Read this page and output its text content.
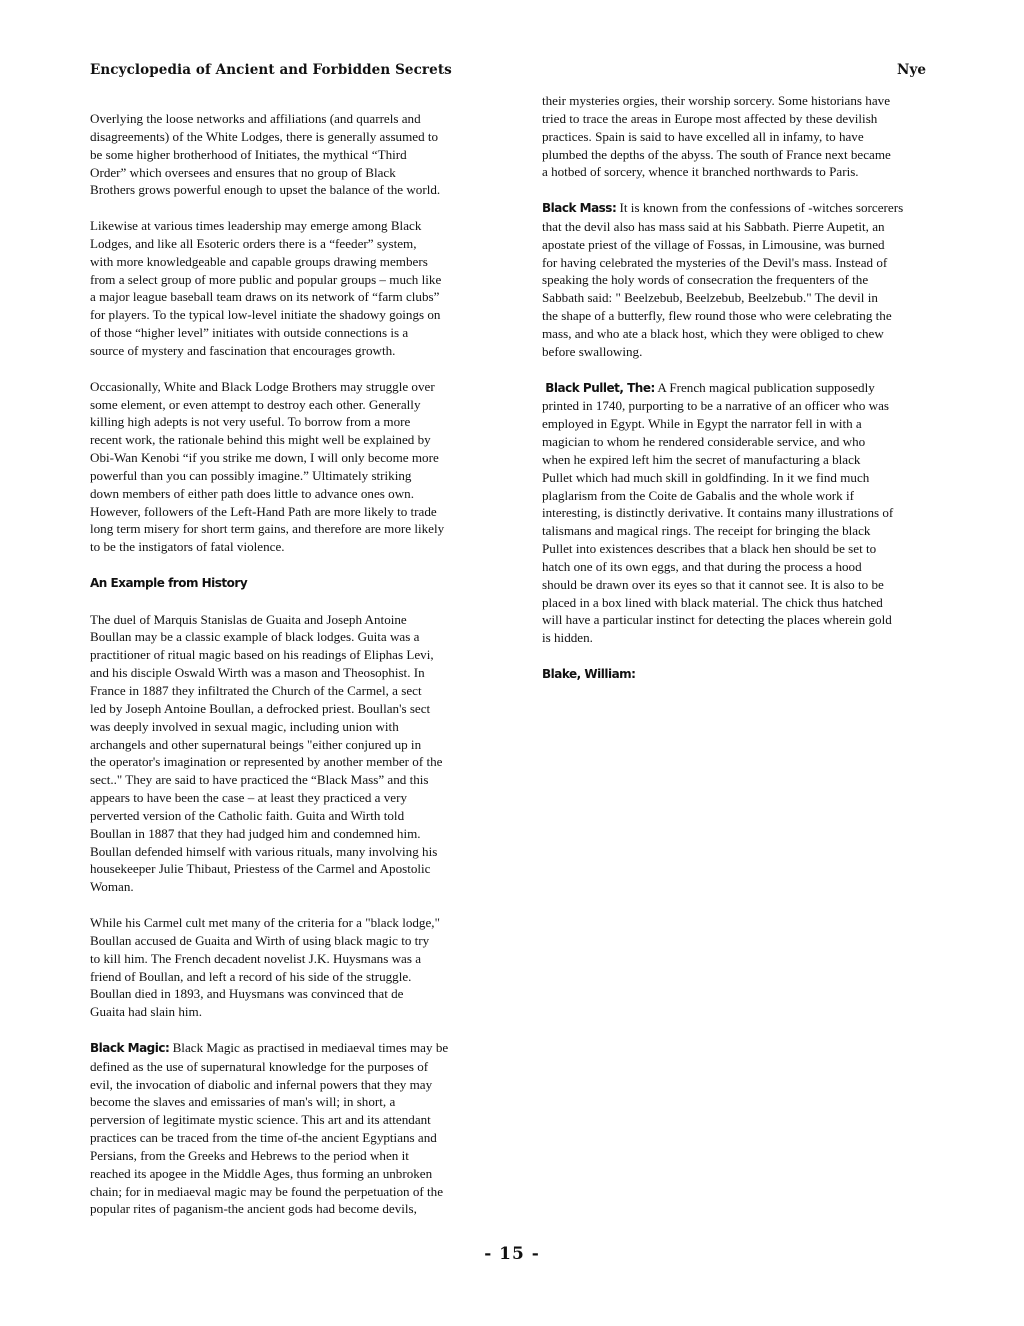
Encyclopedia of Ancient and Forbidden Secrets	Nye

Overlying the loose networks and affiliations (and quarrels and
disagreements) of the White Lodges, there is generally assumed to
be some higher brotherhood of Initiates, the mythical “Third
Order” which oversees and ensures that no group of Black
Brothers grows powerful enough to upset the balance of the world.

Likewise at various times leadership may emerge among Black
Lodges, and like all Esoteric orders there is a “feeder” system,
with more knowledgeable and capable groups drawing members
from a select group of more public and popular groups – much like
a major league baseball team draws on its network of “farm clubs”
for players. To the typical low-level initiate the shadowy goings on
of those “higher level” initiates with outside connections is a
source of mystery and fascination that encourages growth.

Occasionally, White and Black Lodge Brothers may struggle over
some element, or even attempt to destroy each other. Generally
killing high adepts is not very useful. To borrow from a more
recent work, the rationale behind this might well be explained by
Obi-Wan Kenobi “if you strike me down, I will only become more
powerful than you can possibly imagine.” Ultimately striking
down members of either path does little to advance ones own.
However, followers of the Left-Hand Path are more likely to trade
long term misery for short term gains, and therefore are more likely
to be the instigators of fatal violence.

An Example from History

The duel of Marquis Stanislas de Guaita and Joseph Antoine
Boullan may be a classic example of black lodges. Guita was a
practitioner of ritual magic based on his readings of Eliphas Levi,
and his disciple Oswald Wirth was a mason and Theosophist. In
France in 1887 they infiltrated the Church of the Carmel, a sect
led by Joseph Antoine Boullan, a defrocked priest. Boullan's sect
was deeply involved in sexual magic, including union with
archangels and other supernatural beings "either conjured up in
the operator's imagination or represented by another member of the
sect.." They are said to have practiced the “Black Mass” and this
appears to have been the case – at least they practiced a very
perverted version of the Catholic faith. Guita and Wirth told
Boullan in 1887 that they had judged him and condemned him.
Boullan defended himself with various rituals, many involving his
housekeeper Julie Thibaut, Priestess of the Carmel and Apostolic
Woman.

While his Carmel cult met many of the criteria for a "black lodge,"
Boullan accused de Guaita and Wirth of using black magic to try
to kill him. The French decadent novelist J.K. Huysmans was a
friend of Boullan, and left a record of his side of the struggle.
Boullan died in 1893, and Huysmans was convinced that de
Guaita had slain him.

Black Magic: Black Magic as practised in mediaeval times may be
defined as the use of supernatural knowledge for the purposes of
evil, the invocation of diabolic and infernal powers that they may
become the slaves and emissaries of man's will; in short, a
perversion of legitimate mystic science. This art and its attendant
practices can be traced from the time of-the ancient Egyptians and
Persians, from the Greeks and Hebrews to the period when it
reached its apogee in the Middle Ages, thus forming an unbroken
chain; for in mediaeval magic may be found the perpetuation of the
popular rites of paganism-the ancient gods had become devils,

their mysteries orgies, their worship sorcery. Some historians have
tried to trace the areas in Europe most affected by these devilish
practices. Spain is said to have excelled all in infamy, to have
plumbed the depths of the abyss. The south of France next became
a hotbed of sorcery, whence it branched northwards to Paris.

Black Mass: It is known from the confessions of -witches sorcerers
that the devil also has mass said at his Sabbath. Pierre Aupetit, an
apostate priest of the village of Fossas, in Limousine, was burned
for having celebrated the mysteries of the Devil's mass. Instead of
speaking the holy words of consecration the frequenters of the
Sabbath said: " Beelzebub, Beelzebub, Beelzebub." The devil in
the shape of a butterfly, flew round those who were celebrating the
mass, and who ate a black host, which they were obliged to chew
before swallowing.

Black Pullet, The: A French magical publication supposedly
printed in 1740, purporting to be a narrative of an officer who was
employed in Egypt. While in Egypt the narrator fell in with a
magician to whom he rendered considerable service, and who
when he expired left him the secret of manufacturing a black
Pullet which had much skill in goldfinding. In it we find much
plaglarism from the Coite de Gabalis and the whole work if
interesting, is distinctly derivative. It contains many illustrations of
talismans and magical rings. The receipt for bringing the black
Pullet into existences describes that a black hen should be set to
hatch one of its own eggs, and that during the process a hood
should be drawn over its eyes so that it cannot see. It is also to be
placed in a box lined with black material. The chick thus hatched
will have a particular instinct for detecting the places wherein gold
is hidden.

Blake, William:

- 15 -
